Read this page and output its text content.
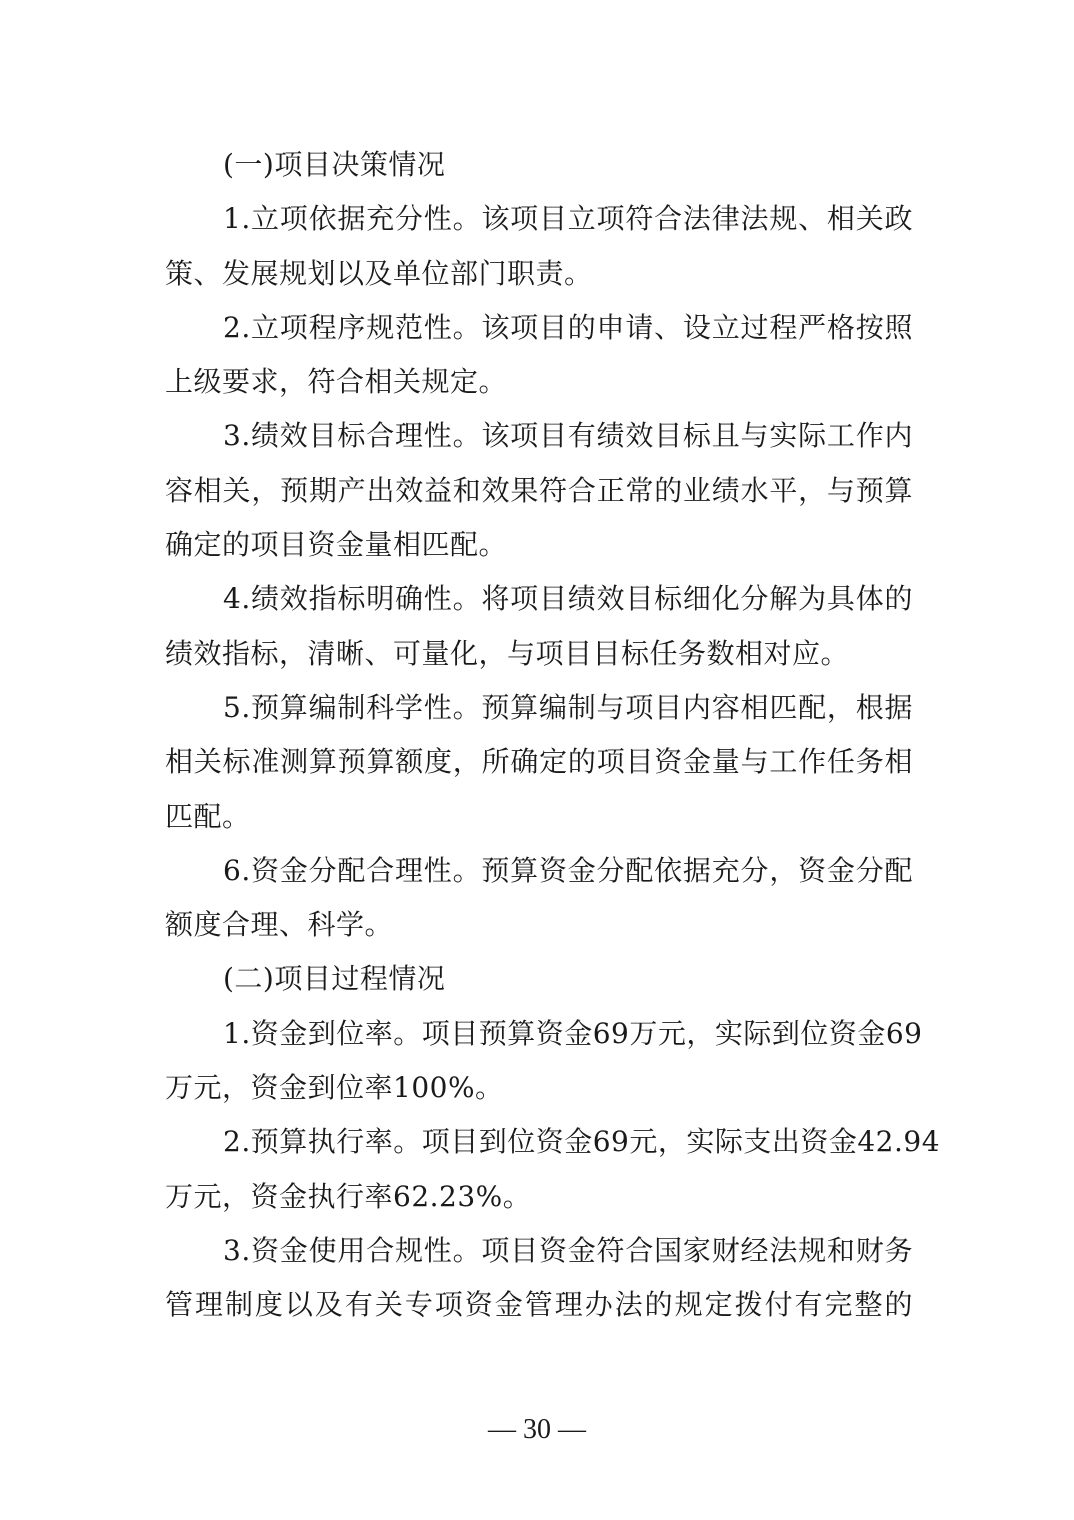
(一)项目决策情况
1.立项依据充分性。该项目立项符合法律法规、相关政
策、发展规划以及单位部门职责。
2.立项程序规范性。该项目的申请、设立过程严格按照
上级要求，符合相关规定。
3.绩效目标合理性。该项目有绩效目标且与实际工作内
容相关，预期产出效益和效果符合正常的业绩水平，与预算
确定的项目资金量相匹配。
4.绩效指标明确性。将项目绩效目标细化分解为具体的
绩效指标，清晰、可量化，与项目目标任务数相对应。
5.预算编制科学性。预算编制与项目内容相匹配，根据
相关标准测算预算额度，所确定的项目资金量与工作任务相
匹配。
6.资金分配合理性。预算资金分配依据充分，资金分配
额度合理、科学。
(二)项目过程情况
1.资金到位率。项目预算资金69万元，实际到位资金69
万元，资金到位率100%。
2.预算执行率。项目到位资金69元，实际支出资金42.94
万元，资金执行率62.23%。
3.资金使用合规性。项目资金符合国家财经法规和财务
管理制度以及有关专项资金管理办法的规定拨付有完整的
— 30 —
